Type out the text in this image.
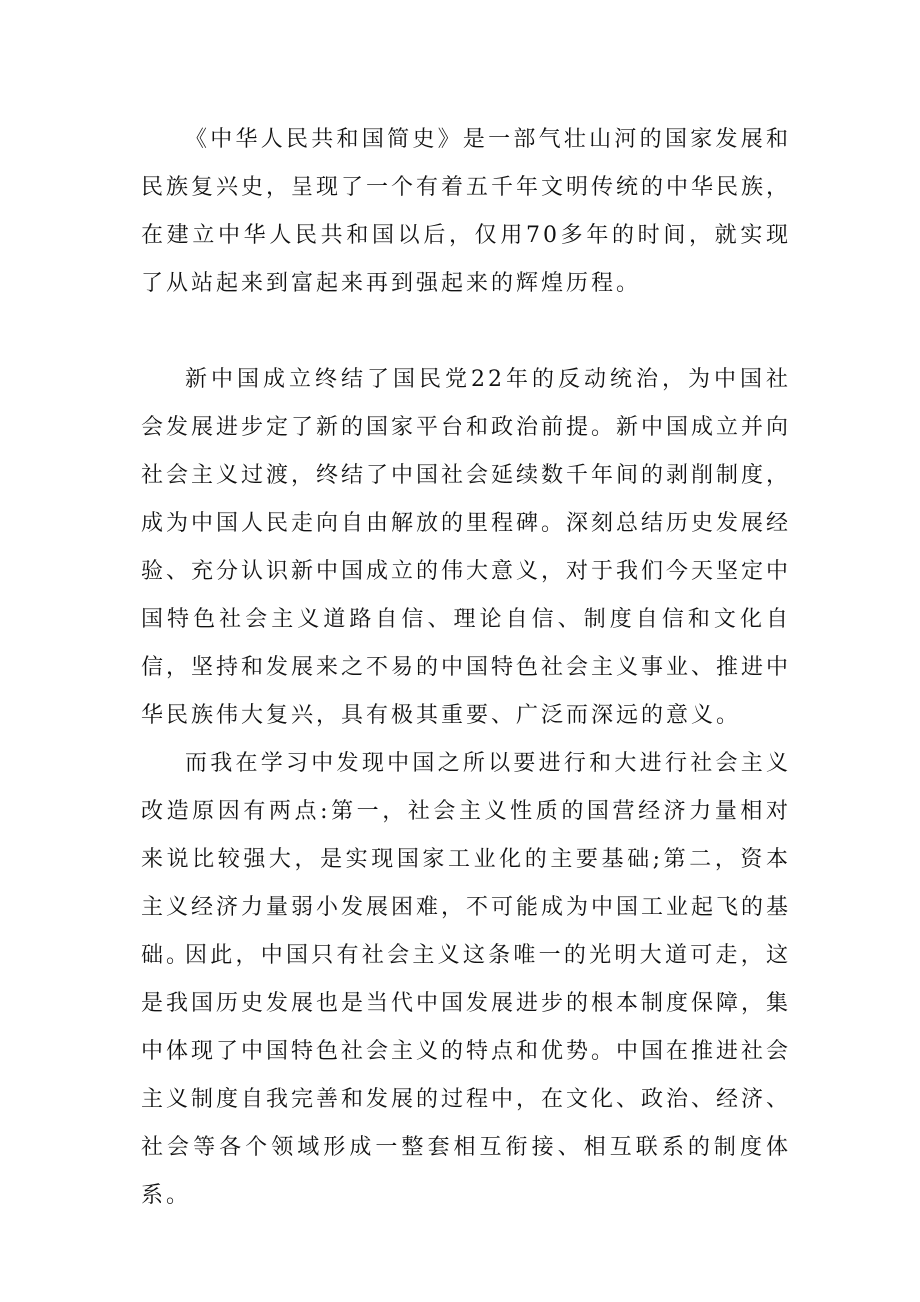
《中华人民共和国简史》是一部气壮山河的国家发展和民族复兴史，呈现了一个有着五千年文明传统的中华民族，在建立中华人民共和国以后，仅用70多年的时间，就实现了从站起来到富起来再到强起来的辉煌历程。

新中国成立终结了国民党22年的反动统治，为中国社会发展进步定了新的国家平台和政治前提。新中国成立并向社会主义过渡，终结了中国社会延续数千年间的剥削制度，成为中国人民走向自由解放的里程碑。深刻总结历史发展经验、充分认识新中国成立的伟大意义，对于我们今天坚定中国特色社会主义道路自信、理论自信、制度自信和文化自信，坚持和发展来之不易的中国特色社会主义事业、推进中华民族伟大复兴，具有极其重要、广泛而深远的意义。

而我在学习中发现中国之所以要进行和大进行社会主义改造原因有两点:第一，社会主义性质的国营经济力量相对来说比较强大，是实现国家工业化的主要基础;第二，资本主义经济力量弱小发展困难，不可能成为中国工业起飞的基础。

因此，中国只有社会主义这条唯一的光明大道可走，这是我国历史发展也是当代中国发展进步的根本制度保障，集中体现了中国特色社会主义的特点和优势。中国在推进社会主义制度自我完善和发展的过程中，在文化、政治、经济、社会等各个领域形成一整套相互衔接、相互联系的制度体系。
